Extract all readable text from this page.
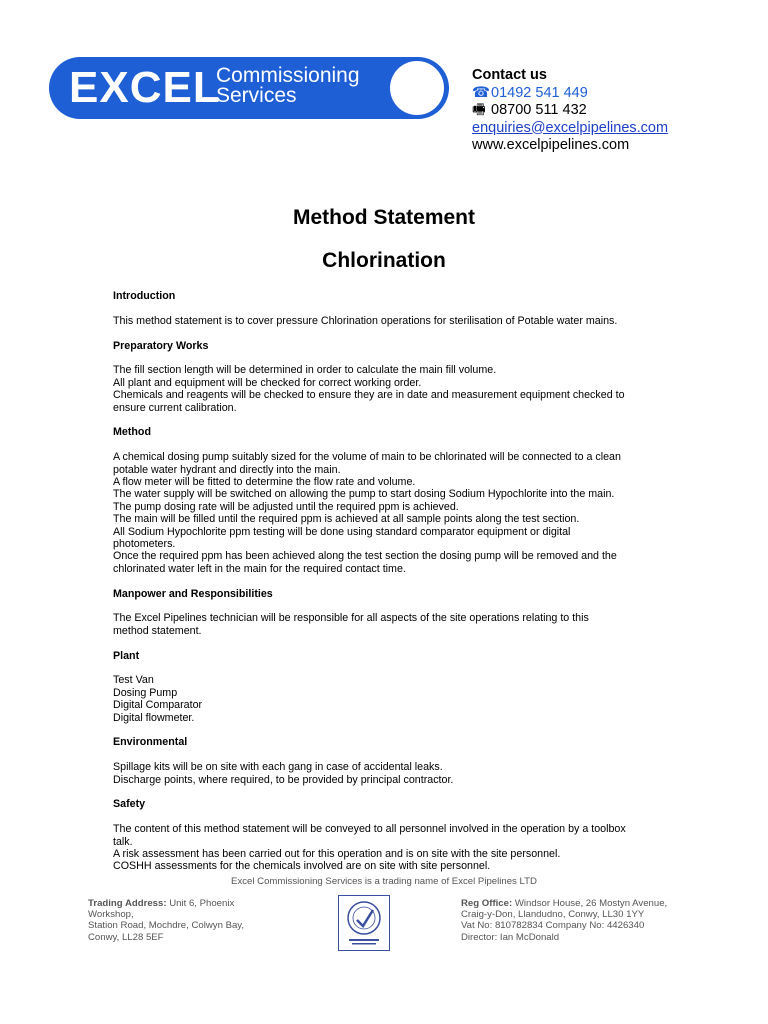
EXCEL
Commissioning
Services
Contact us
☎ 01492 541 449
🖷 08700 511 432
enquiries@excelpipelines.com
www.excelpipelines.com
Method Statement
Chlorination
Introduction
This method statement is to cover pressure Chlorination operations for sterilisation of Potable water mains.
Preparatory Works
The fill section length will be determined in order to calculate the main fill volume.
All plant and equipment will be checked for correct working order.
Chemicals and reagents will be checked to ensure they are in date and measurement equipment checked to
ensure current calibration.
Method
A chemical dosing pump suitably sized for the volume of main to be chlorinated will be connected to a clean
potable water hydrant and directly into the main.
A flow meter will be fitted to determine the flow rate and volume.
The water supply will be switched on allowing the pump to start dosing Sodium Hypochlorite into the main.
The pump dosing rate will be adjusted until the required ppm is achieved.
The main will be filled until the required ppm is achieved at all sample points along the test section.
All Sodium Hypochlorite ppm testing will be done using standard comparator equipment or digital
photometers.
Once the required ppm has been achieved along the test section the dosing pump will be removed and the
chlorinated water left in the main for the required contact time.
Manpower and Responsibilities
The Excel Pipelines technician will be responsible for all aspects of the site operations relating to this
method statement.
Plant
Test Van
Dosing Pump
Digital Comparator
Digital flowmeter.
Environmental
Spillage kits will be on site with each gang in case of accidental leaks.
Discharge points, where required, to be provided by principal contractor.
Safety
The content of this method statement will be conveyed to all personnel involved in the operation by a toolbox
talk.
A risk assessment has been carried out for this operation and is on site with the site personnel.
COSHH assessments for the chemicals involved are on site with site personnel.
Excel Commissioning Services is a trading name of Excel Pipelines LTD
Trading Address: Unit 6, Phoenix
Workshop,
Station Road, Mochdre, Colwyn Bay,
Conwy, LL28 5EF
Reg Office: Windsor House, 26 Mostyn Avenue,
Craig-y-Don, Llandudno, Conwy, LL30 1YY
Vat No: 810782834 Company No: 4426340
Director: Ian McDonald
